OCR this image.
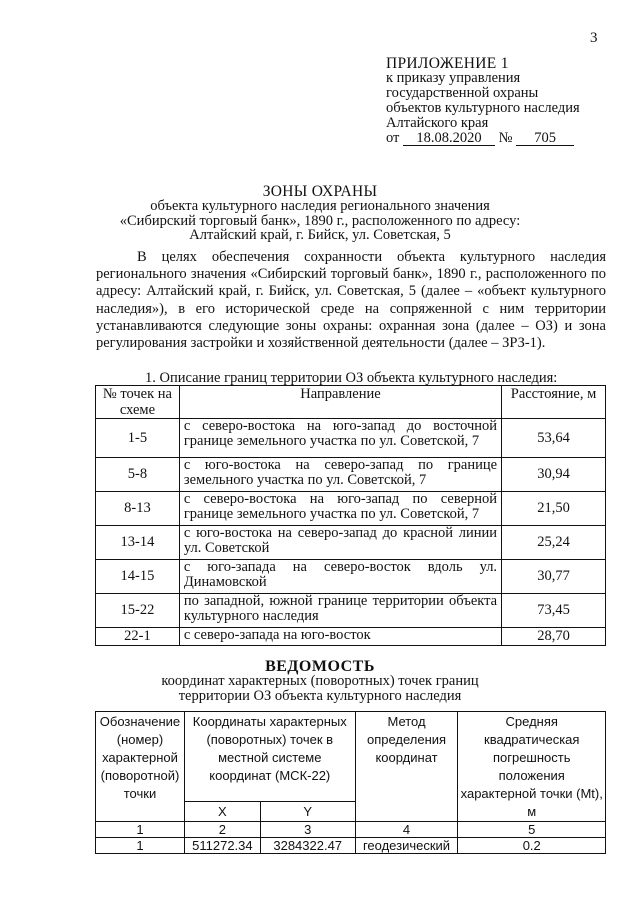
3
ПРИЛОЖЕНИЕ 1
к приказу управления
государственной охраны
объектов культурного наследия
Алтайского края
от 18.08.2020 № 705
ЗОНЫ ОХРАНЫ
объекта культурного наследия регионального значения
«Сибирский торговый банк», 1890 г., расположенного по адресу:
Алтайский край, г. Бийск, ул. Советская, 5

В целях обеспечения сохранности объекта культурного наследия регионального значения «Сибирский торговый банк», 1890 г., расположенного по адресу: Алтайский край, г. Бийск, ул. Советская, 5 (далее – «объект культурного наследия»), в его исторической среде на сопряженной с ним территории устанавливаются следующие зоны охраны: охранная зона (далее – ОЗ) и зона регулирования застройки и хозяйственной деятельности (далее – ЗРЗ-1).

1. Описание границ территории ОЗ объекта культурного наследия:
№ точек на схеме	Направление	Расстояние, м
1-5	с северо-востока на юго-запад до восточной границе земельного участка по ул. Советской, 7	53,64
5-8	с юго-востока на северо-запад по границе земельного участка по ул. Советской, 7	30,94
8-13	с северо-востока на юго-запад по северной границе земельного участка по ул. Советской, 7	21,50
13-14	с юго-востока на северо-запад до красной линии ул. Советской	25,24
14-15	с юго-запада на северо-восток вдоль ул. Динамовской	30,77
15-22	по западной, южной границе территории объекта культурного наследия	73,45
22-1	с северо-запада на юго-восток	28,70
ВЕДОМОСТЬ
координат характерных (поворотных) точек границ
территории ОЗ объекта культурного наследия
Обозначение (номер) характерной (поворотной) точки	Координаты характерных (поворотных) точек в местной системе координат (МСК-22)		Метод определения координат	Средняя квадратическая погрешность положения характерной точки (Mt), м
	X	Y		
1	2	3	4	5
1	511272.34	3284322.47	геодезический	0.2
